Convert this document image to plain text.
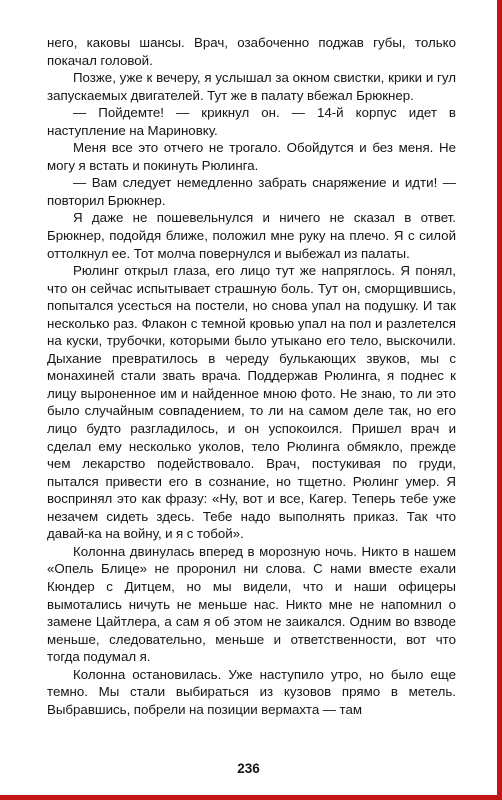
него, каковы шансы. Врач, озабоченно поджав губы, только покачал головой.

Позже, уже к вечеру, я услышал за окном свистки, крики и гул запускаемых двигателей. Тут же в палату вбежал Брюкнер.

— Пойдемте! — крикнул он. — 14-й корпус идет в наступление на Мариновку.

Меня все это отчего не трогало. Обойдутся и без меня. Не могу я встать и покинуть Рюлинга.

— Вам следует немедленно забрать снаряжение и идти! — повторил Брюкнер.

Я даже не пошевельнулся и ничего не сказал в ответ. Брюкнер, подойдя ближе, положил мне руку на плечо. Я с силой оттолкнул ее. Тот молча повернулся и выбежал из палаты.

Рюлинг открыл глаза, его лицо тут же напряглось. Я понял, что он сейчас испытывает страшную боль. Тут он, сморщившись, попытался усесться на постели, но снова упал на подушку. И так несколько раз. Флакон с темной кровью упал на пол и разлетелся на куски, трубочки, которыми было утыкано его тело, выскочили. Дыхание превратилось в череду булькающих звуков, мы с монахиней стали звать врача. Поддержав Рюлинга, я поднес к лицу выроненное им и найденное мною фото. Не знаю, то ли это было случайным совпадением, то ли на самом деле так, но его лицо будто разгладилось, и он успокоился. Пришел врач и сделал ему несколько уколов, тело Рюлинга обмякло, прежде чем лекарство подействовало. Врач, постукивая по груди, пытался привести его в сознание, но тщетно. Рюлинг умер. Я воспринял это как фразу: «Ну, вот и все, Кагер. Теперь тебе уже незачем сидеть здесь. Тебе надо выполнять приказ. Так что давай-ка на войну, и я с тобой».

Колонна двинулась вперед в морозную ночь. Никто в нашем «Опель Блице» не проронил ни слова. С нами вместе ехали Кюндер с Дитцем, но мы видели, что и наши офицеры вымотались ничуть не меньше нас. Никто мне не напомнил о замене Цайтлера, а сам я об этом не заикался. Одним во взводе меньше, следовательно, меньше и ответственности, вот что тогда подумал я.

Колонна остановилась. Уже наступило утро, но было еще темно. Мы стали выбираться из кузовов прямо в метель. Выбравшись, побрели на позиции вермахта — там

236
